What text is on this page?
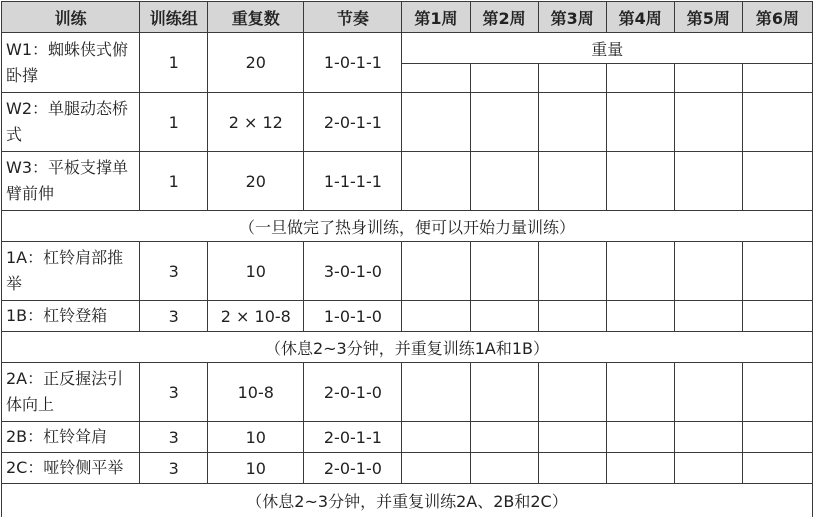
训练	训练组	重复数	节奏	第1周	第2周	第3周	第4周	第5周	第6周
W1：蜘蛛侠式俯卧撑	1	20	1-0-1-1	重量					

W2：单腿动态桥式	1	2 × 12	2-0-1-1						
W3：平板支撑单臂前伸	1	20	1-1-1-1						
（一旦做完了热身训练，便可以开始力量训练）									
1A：杠铃肩部推举	3	10	3-0-1-0						
1B：杠铃登箱	3	2 × 10-8	1-0-1-0						
（休息2~3分钟，并重复训练1A和1B）									
2A：正反握法引体向上	3	10-8	2-0-1-0						
2B：杠铃耸肩	3	10	2-0-1-1						
2C：哑铃侧平举	3	10	2-0-1-0						
（休息2~3分钟，并重复训练2A、2B和2C）									
